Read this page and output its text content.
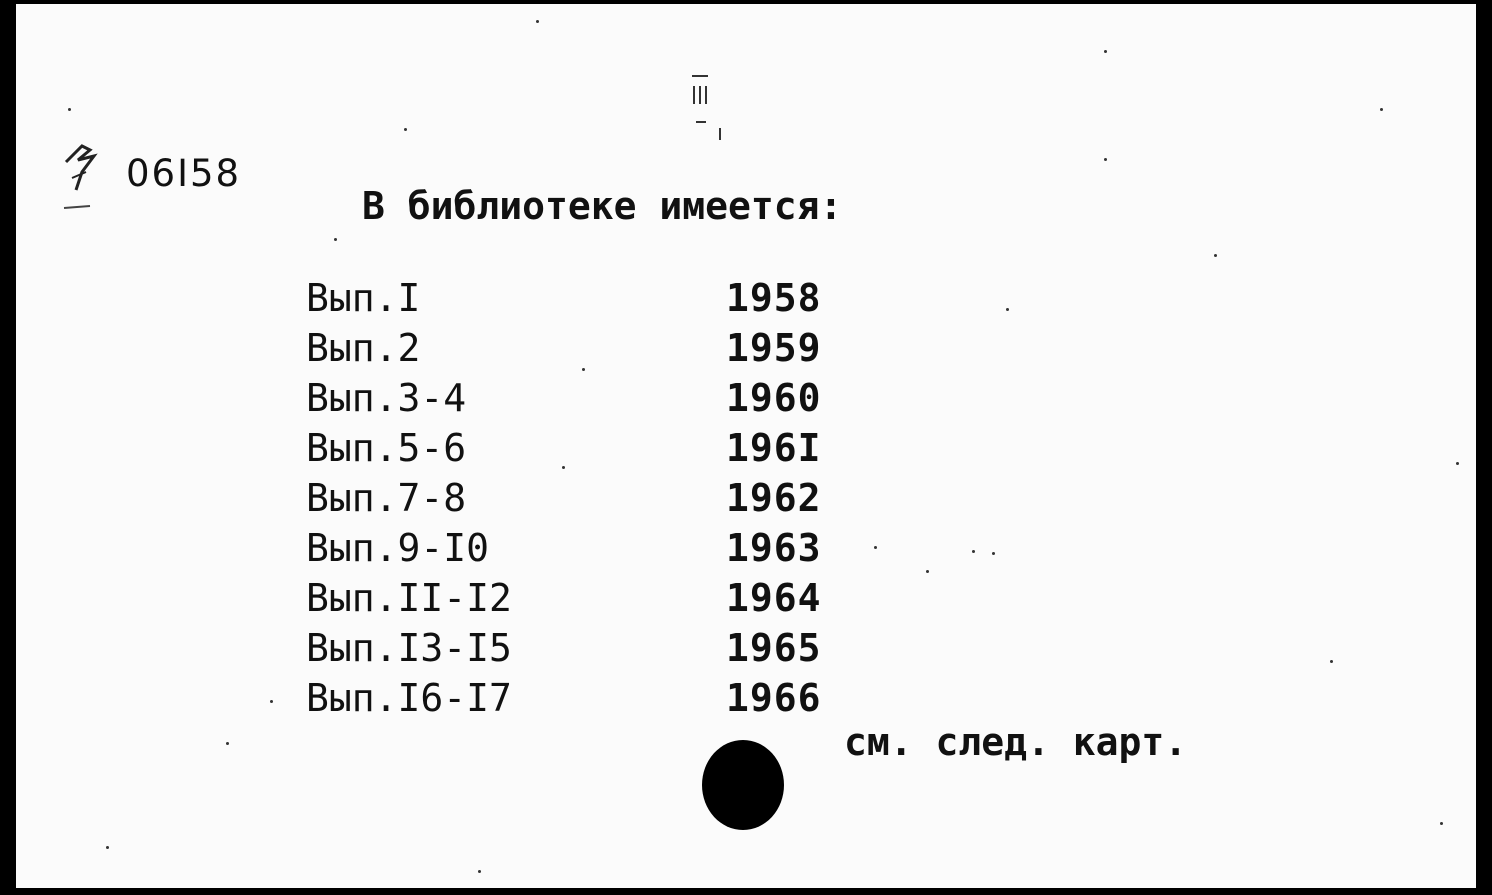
06I58
В библиотеке имеется:
Вып.I	1958
Вып.2	1959
Вып.3-4	1960
Вып.5-6	196I
Вып.7-8	1962
Вып.9-I0	1963
Вып.II-I2	1964
Вып.I3-I5	1965
Вып.I6-I7	1966
см. след. карт.
